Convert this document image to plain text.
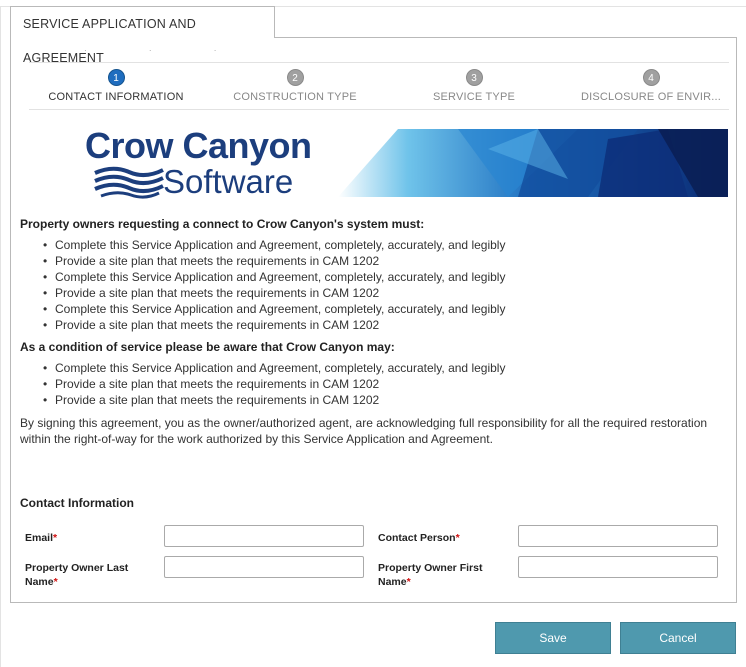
SERVICE APPLICATION AND AGREEMENT
· · ·
1
CONTACT INFORMATION
2
CONSTRUCTION TYPE
3
SERVICE TYPE
4
DISCLOSURE OF ENVIR...
Crow Canyon
Software

Property owners requesting a connect to Crow Canyon's system must:

• Complete this Service Application and Agreement, completely, accurately, and legibly
• Provide a site plan that meets the requirements in CAM 1202
• Complete this Service Application and Agreement, completely, accurately, and legibly
• Provide a site plan that meets the requirements in CAM 1202
• Complete this Service Application and Agreement, completely, accurately, and legibly
• Provide a site plan that meets the requirements in CAM 1202

As a condition of service please be aware that Crow Canyon may:

• Complete this Service Application and Agreement, completely, accurately, and legibly
• Provide a site plan that meets the requirements in CAM 1202
• Provide a site plan that meets the requirements in CAM 1202
By signing this agreement, you as the owner/authorized agent, are acknowledging full responsibility for all the required restoration within the right-of-way for the work authorized by this Service Application and Agreement.
Contact Information
Email*	Contact Person*
Property Owner Last
Name*
Property Owner First
Name*
Save	Cancel
